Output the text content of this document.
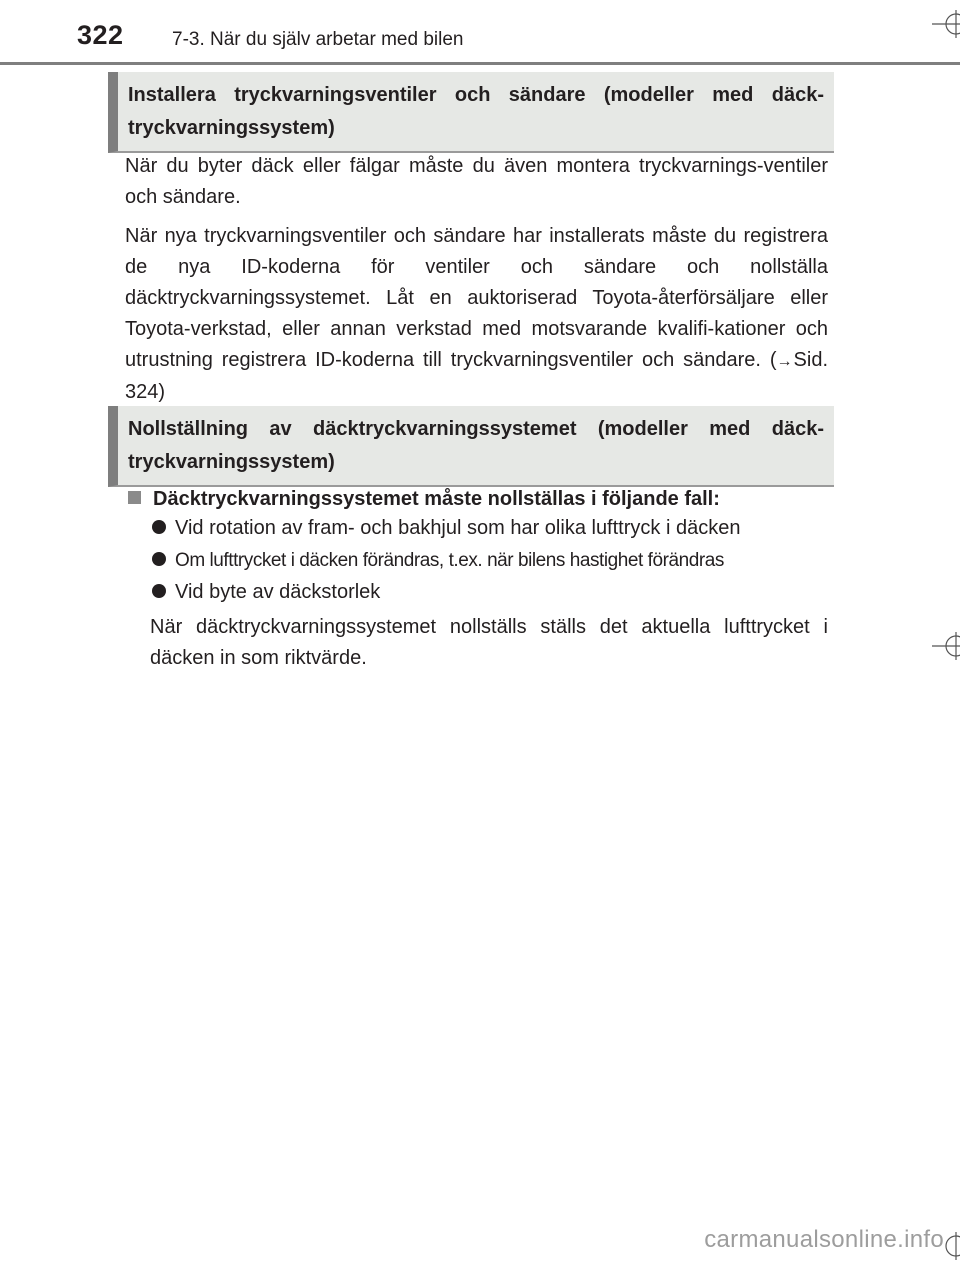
322	7-3. När du själv arbetar med bilen
Installera tryckvarningsventiler och sändare (modeller med däck-
tryckvarningssystem)

När du byter däck eller fälgar måste du även montera tryckvarnings-ventiler och sändare.

När nya tryckvarningsventiler och sändare har installerats måste du registrera de nya ID-koderna för ventiler och sändare och nollställa däcktryckvarningssystemet. Låt en auktoriserad Toyota-återförsäljare eller Toyota-verkstad, eller annan verkstad med motsvarande kvalifi-kationer och utrustning registrera ID-koderna till tryckvarningsventiler och sändare. (→Sid. 324)

Nollställning av däcktryckvarningssystemet (modeller med däck-
tryckvarningssystem)
Däcktryckvarningssystemet måste nollställas i följande fall:
Vid rotation av fram- och bakhjul som har olika lufttryck i däcken
Om lufttrycket i däcken förändras, t.ex. när bilens hastighet förändras
Vid byte av däckstorlek
När däcktryckvarningssystemet nollställs ställs det aktuella lufttrycket i däcken in som riktvärde.
carmanualsonline.info
